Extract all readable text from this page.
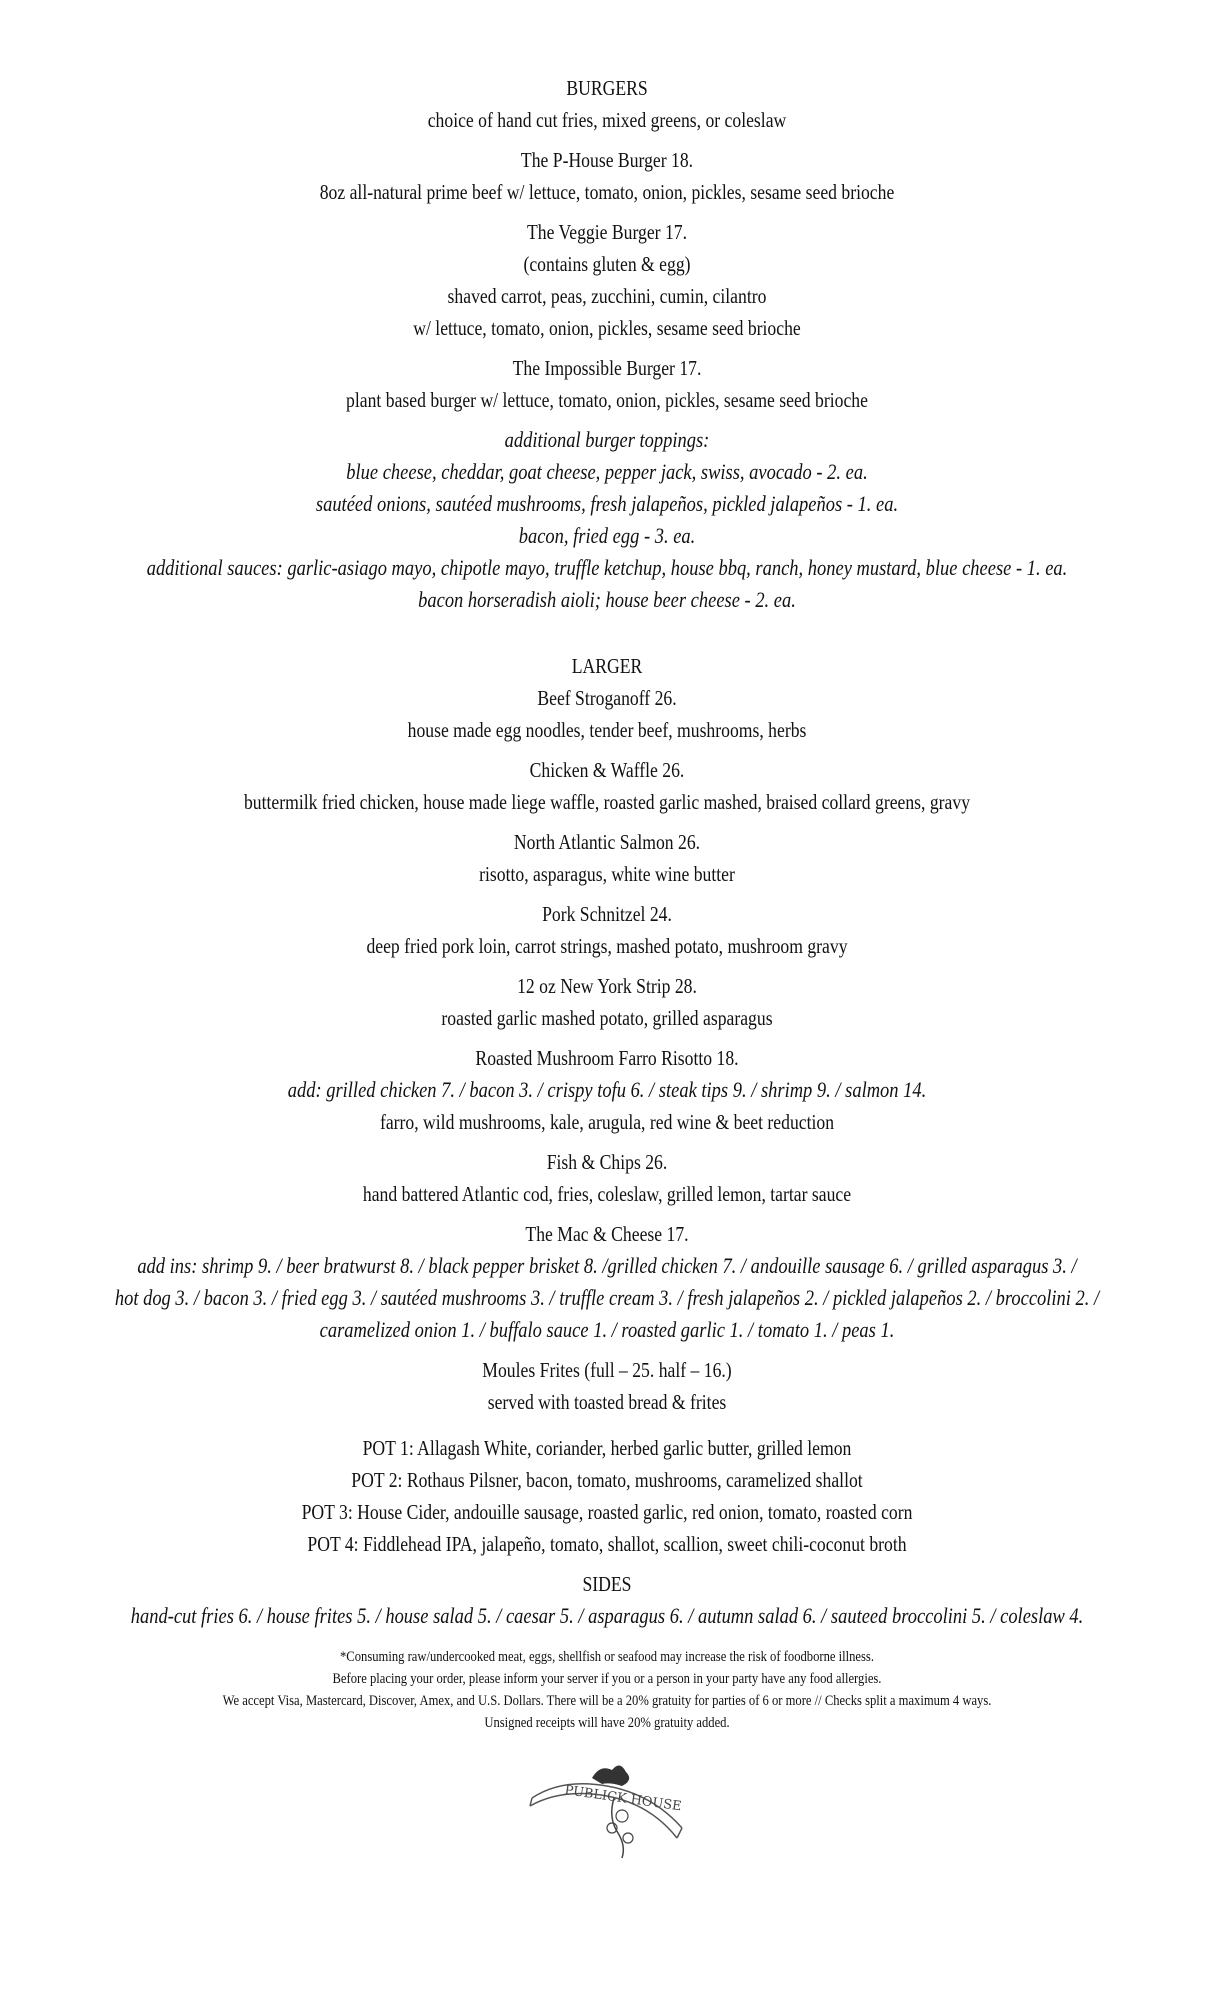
BURGERS
choice of hand cut fries, mixed greens, or coleslaw
The P-House Burger 18.
8oz all-natural prime beef w/ lettuce, tomato, onion, pickles, sesame seed brioche
The Veggie Burger 17.
(contains gluten & egg)
shaved carrot, peas, zucchini, cumin, cilantro
w/ lettuce, tomato, onion, pickles, sesame seed brioche
The Impossible Burger 17.
plant based burger w/ lettuce, tomato, onion, pickles, sesame seed brioche
additional burger toppings:
blue cheese, cheddar, goat cheese, pepper jack, swiss, avocado - 2. ea.
sautéed onions, sautéed mushrooms, fresh jalapeños, pickled jalapeños - 1. ea.
bacon, fried egg - 3. ea.
additional sauces: garlic-asiago mayo, chipotle mayo, truffle ketchup, house bbq, ranch, honey mustard, blue cheese - 1. ea.
bacon horseradish aioli; house beer cheese - 2. ea.
LARGER
Beef Stroganoff 26.
house made egg noodles, tender beef, mushrooms, herbs
Chicken & Waffle 26.
buttermilk fried chicken, house made liege waffle, roasted garlic mashed, braised collard greens, gravy
North Atlantic Salmon 26.
risotto, asparagus, white wine butter
Pork Schnitzel 24.
deep fried pork loin, carrot strings, mashed potato, mushroom gravy
12 oz New York Strip 28.
roasted garlic mashed potato, grilled asparagus
Roasted Mushroom Farro Risotto 18.
add: grilled chicken 7. / bacon 3. / crispy tofu 6. / steak tips 9. / shrimp 9. / salmon 14.
farro, wild mushrooms, kale, arugula, red wine & beet reduction
Fish & Chips 26.
hand battered Atlantic cod, fries, coleslaw, grilled lemon, tartar sauce
The Mac & Cheese 17.
add ins: shrimp 9. / beer bratwurst 8. / black pepper brisket 8. /grilled chicken 7. / andouille sausage 6. / grilled asparagus 3. /
hot dog 3. / bacon 3. / fried egg 3. / sautéed mushrooms 3. / truffle cream 3. / fresh jalapeños 2. / pickled jalapeños 2. / broccolini 2. /
caramelized onion 1. / buffalo sauce 1. / roasted garlic 1. / tomato 1. / peas 1.
Moules Frites (full – 25. half – 16.)
served with toasted bread & frites
POT 1: Allagash White, coriander, herbed garlic butter, grilled lemon
POT 2: Rothaus Pilsner, bacon, tomato, mushrooms, caramelized shallot
POT 3: House Cider, andouille sausage, roasted garlic, red onion, tomato, roasted corn
POT 4: Fiddlehead IPA, jalapeño, tomato, shallot, scallion, sweet chili-coconut broth
SIDES
hand-cut fries 6. / house frites 5. / house salad 5. / caesar 5. / asparagus 6. / autumn salad 6. / sauteed broccolini 5. / coleslaw 4.
*Consuming raw/undercooked meat, eggs, shellfish or seafood may increase the risk of foodborne illness.
Before placing your order, please inform your server if you or a person in your party have any food allergies.
We accept Visa, Mastercard, Discover, Amex, and U.S. Dollars. There will be a 20% gratuity for parties of 6 or more // Checks split a maximum 4 ways.
Unsigned receipts will have 20% gratuity added.
PUBLICK HOUSE
